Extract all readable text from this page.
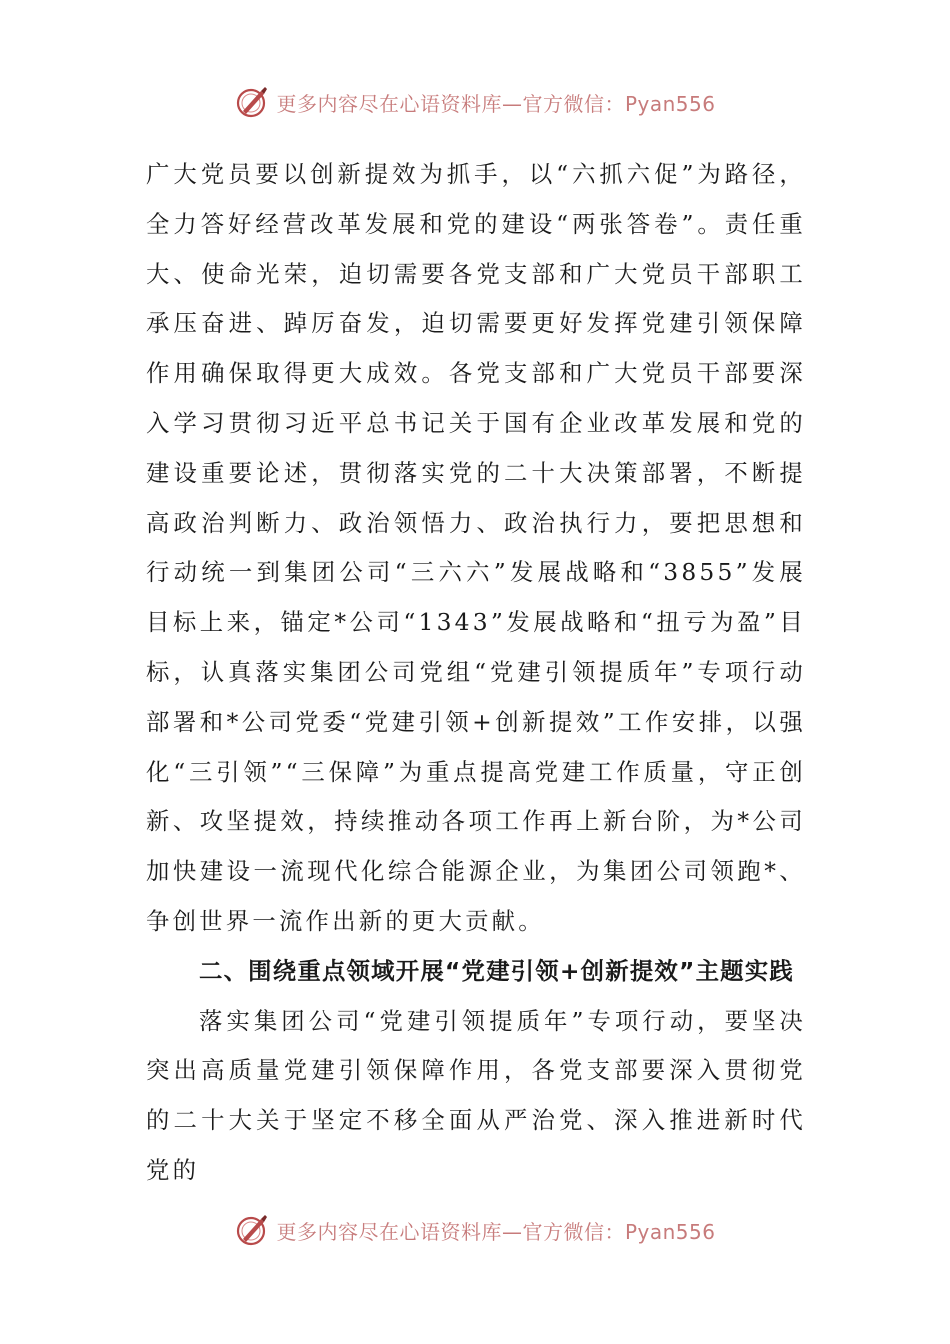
更多内容尽在心语资料库—官方微信：Pyan556

广大党员要以创新提效为抓手，以“六抓六促”为路径，全力答好经营改革发展和党的建设“两张答卷”。责任重大、使命光荣，迫切需要各党支部和广大党员干部职工承压奋进、踔厉奋发，迫切需要更好发挥党建引领保障作用确保取得更大成效。各党支部和广大党员干部要深入学习贯彻习近平总书记关于国有企业改革发展和党的建设重要论述，贯彻落实党的二十大决策部署，不断提高政治判断力、政治领悟力、政治执行力，要把思想和行动统一到集团公司“三六六”发展战略和“3855”发展目标上来，锚定*公司“1343”发展战略和“扭亏为盈”目标，认真落实集团公司党组“党建引领提质年”专项行动部署和*公司党委“党建引领+创新提效”工作安排，以强化“三引领”“三保障”为重点提高党建工作质量，守正创新、攻坚提效，持续推动各项工作再上新台阶，为*公司加快建设一流现代化综合能源企业，为集团公司领跑*、争创世界一流作出新的更大贡献。

二、围绕重点领域开展“党建引领+创新提效”主题实践

落实集团公司“党建引领提质年”专项行动，要坚决突出高质量党建引领保障作用，各党支部要深入贯彻党的二十大关于坚定不移全面从严治党、深入推进新时代党的

更多内容尽在心语资料库—官方微信：Pyan556
